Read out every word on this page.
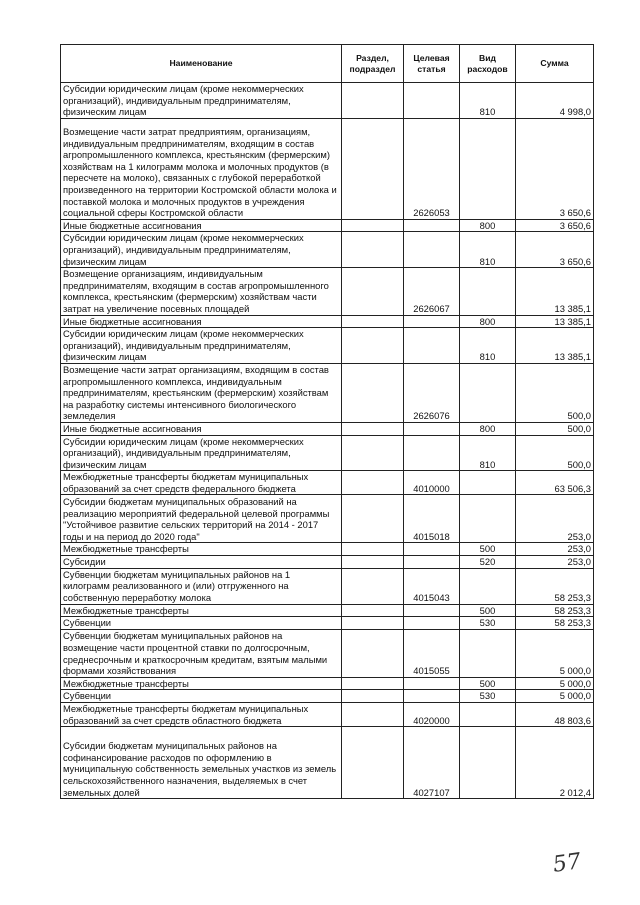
Наименование	Раздел, подраздел	Целевая статья	Вид расходов	Сумма
Субсидии юридическим лицам (кроме некоммерческих организаций), индивидуальным предпринимателям, физическим лицам			810	4 998,0
Возмещение части затрат предприятиям, организациям, индивидуальным предпринимателям, входящим в состав агропромышленного комплекса, крестьянским (фермерским) хозяйствам на 1 килограмм молока и молочных продуктов (в пересчете на молоко), связанных с глубокой переработкой произведенного на территории Костромской области молока и поставкой молока и молочных продуктов в учреждения социальной сферы Костромской области		2626053		3 650,6
Иные бюджетные ассигнования			800	3 650,6
Субсидии юридическим лицам (кроме некоммерческих организаций), индивидуальным предпринимателям, физическим лицам			810	3 650,6
Возмещение организациям, индивидуальным предпринимателям, входящим в состав агропромышленного комплекса, крестьянским (фермерским) хозяйствам части затрат на увеличение посевных площадей		2626067		13 385,1
Иные бюджетные ассигнования			800	13 385,1
Субсидии юридическим лицам (кроме некоммерческих организаций), индивидуальным предпринимателям, физическим лицам			810	13 385,1
Возмещение части затрат организациям, входящим в состав агропромышленного комплекса, индивидуальным предпринимателям, крестьянским (фермерским) хозяйствам на разработку системы интенсивного биологического земледелия		2626076		500,0
Иные бюджетные ассигнования			800	500,0
Субсидии юридическим лицам (кроме некоммерческих организаций), индивидуальным предпринимателям, физическим лицам			810	500,0
Межбюджетные трансферты бюджетам муниципальных образований за счет средств федерального бюджета		4010000		63 506,3
Субсидии бюджетам муниципальных образований на реализацию мероприятий федеральной целевой программы "Устойчивое развитие сельских территорий на 2014 - 2017 годы и на период до 2020 года"		4015018		253,0
Межбюджетные трансферты			500	253,0
Субсидии			520	253,0
Субвенции бюджетам муниципальных районов на 1 килограмм реализованного и (или) отгруженного на собственную переработку молока		4015043		58 253,3
Межбюджетные трансферты			500	58 253,3
Субвенции			530	58 253,3
Субвенции бюджетам муниципальных районов на возмещение части процентной ставки по долгосрочным, среднесрочным и краткосрочным кредитам, взятым малыми формами хозяйствования		4015055		5 000,0
Межбюджетные трансферты			500	5 000,0
Субвенции			530	5 000,0
Межбюджетные трансферты бюджетам муниципальных образований за счет средств областного бюджета		4020000		48 803,6
Субсидии бюджетам муниципальных районов на софинансирование расходов по оформлению в муниципальную собственность земельных участков из земель сельскохозяйственного назначения, выделяемых в счет земельных долей		4027107		2 012,4
57
